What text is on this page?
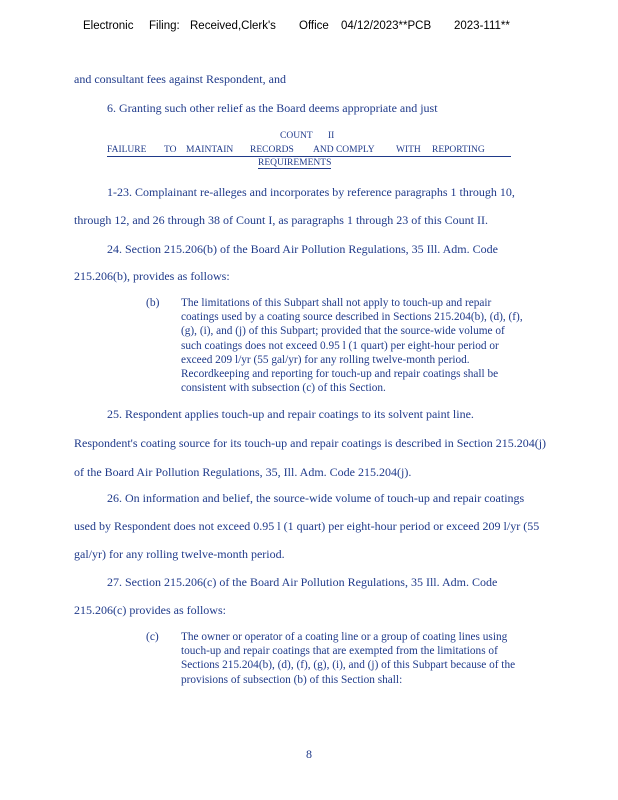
Electronic Filing: Received,Clerk's Office 04/12/2023**PCB 2023-111**
and consultant fees against Respondent, and
6. Granting such other relief as the Board deems appropriate and just
COUNT II
FAILURE TO MAINTAIN RECORDS AND COMPLY WITH REPORTING
REQUIREMENTS
1-23. Complainant re-alleges and incorporates by reference paragraphs 1 through 10,
through 12, and 26 through 38 of Count I, as paragraphs 1 through 23 of this Count II.
24. Section 215.206(b) of the Board Air Pollution Regulations, 35 Ill. Adm. Code
215.206(b), provides as follows:
(b) The limitations of this Subpart shall not apply to touch-up and repair
coatings used by a coating source described in Sections 215.204(b), (d), (f),
(g), (i), and (j) of this Subpart; provided that the source-wide volume of
such coatings does not exceed 0.95 l (1 quart) per eight-hour period or
exceed 209 l/yr (55 gal/yr) for any rolling twelve-month period.
Recordkeeping and reporting for touch-up and repair coatings shall be
consistent with subsection (c) of this Section.
25. Respondent applies touch-up and repair coatings to its solvent paint line.
Respondent's coating source for its touch-up and repair coatings is described in Section 215.204(j)
of the Board Air Pollution Regulations, 35, Ill. Adm. Code 215.204(j).
26. On information and belief, the source-wide volume of touch-up and repair coatings
used by Respondent does not exceed 0.95 l (1 quart) per eight-hour period or exceed 209 l/yr (55
gal/yr) for any rolling twelve-month period.
27. Section 215.206(c) of the Board Air Pollution Regulations, 35 Ill. Adm. Code
215.206(c) provides as follows:
(c) The owner or operator of a coating line or a group of coating lines using
touch-up and repair coatings that are exempted from the limitations of
Sections 215.204(b), (d), (f), (g), (i), and (j) of this Subpart because of the
provisions of subsection (b) of this Section shall:
8
